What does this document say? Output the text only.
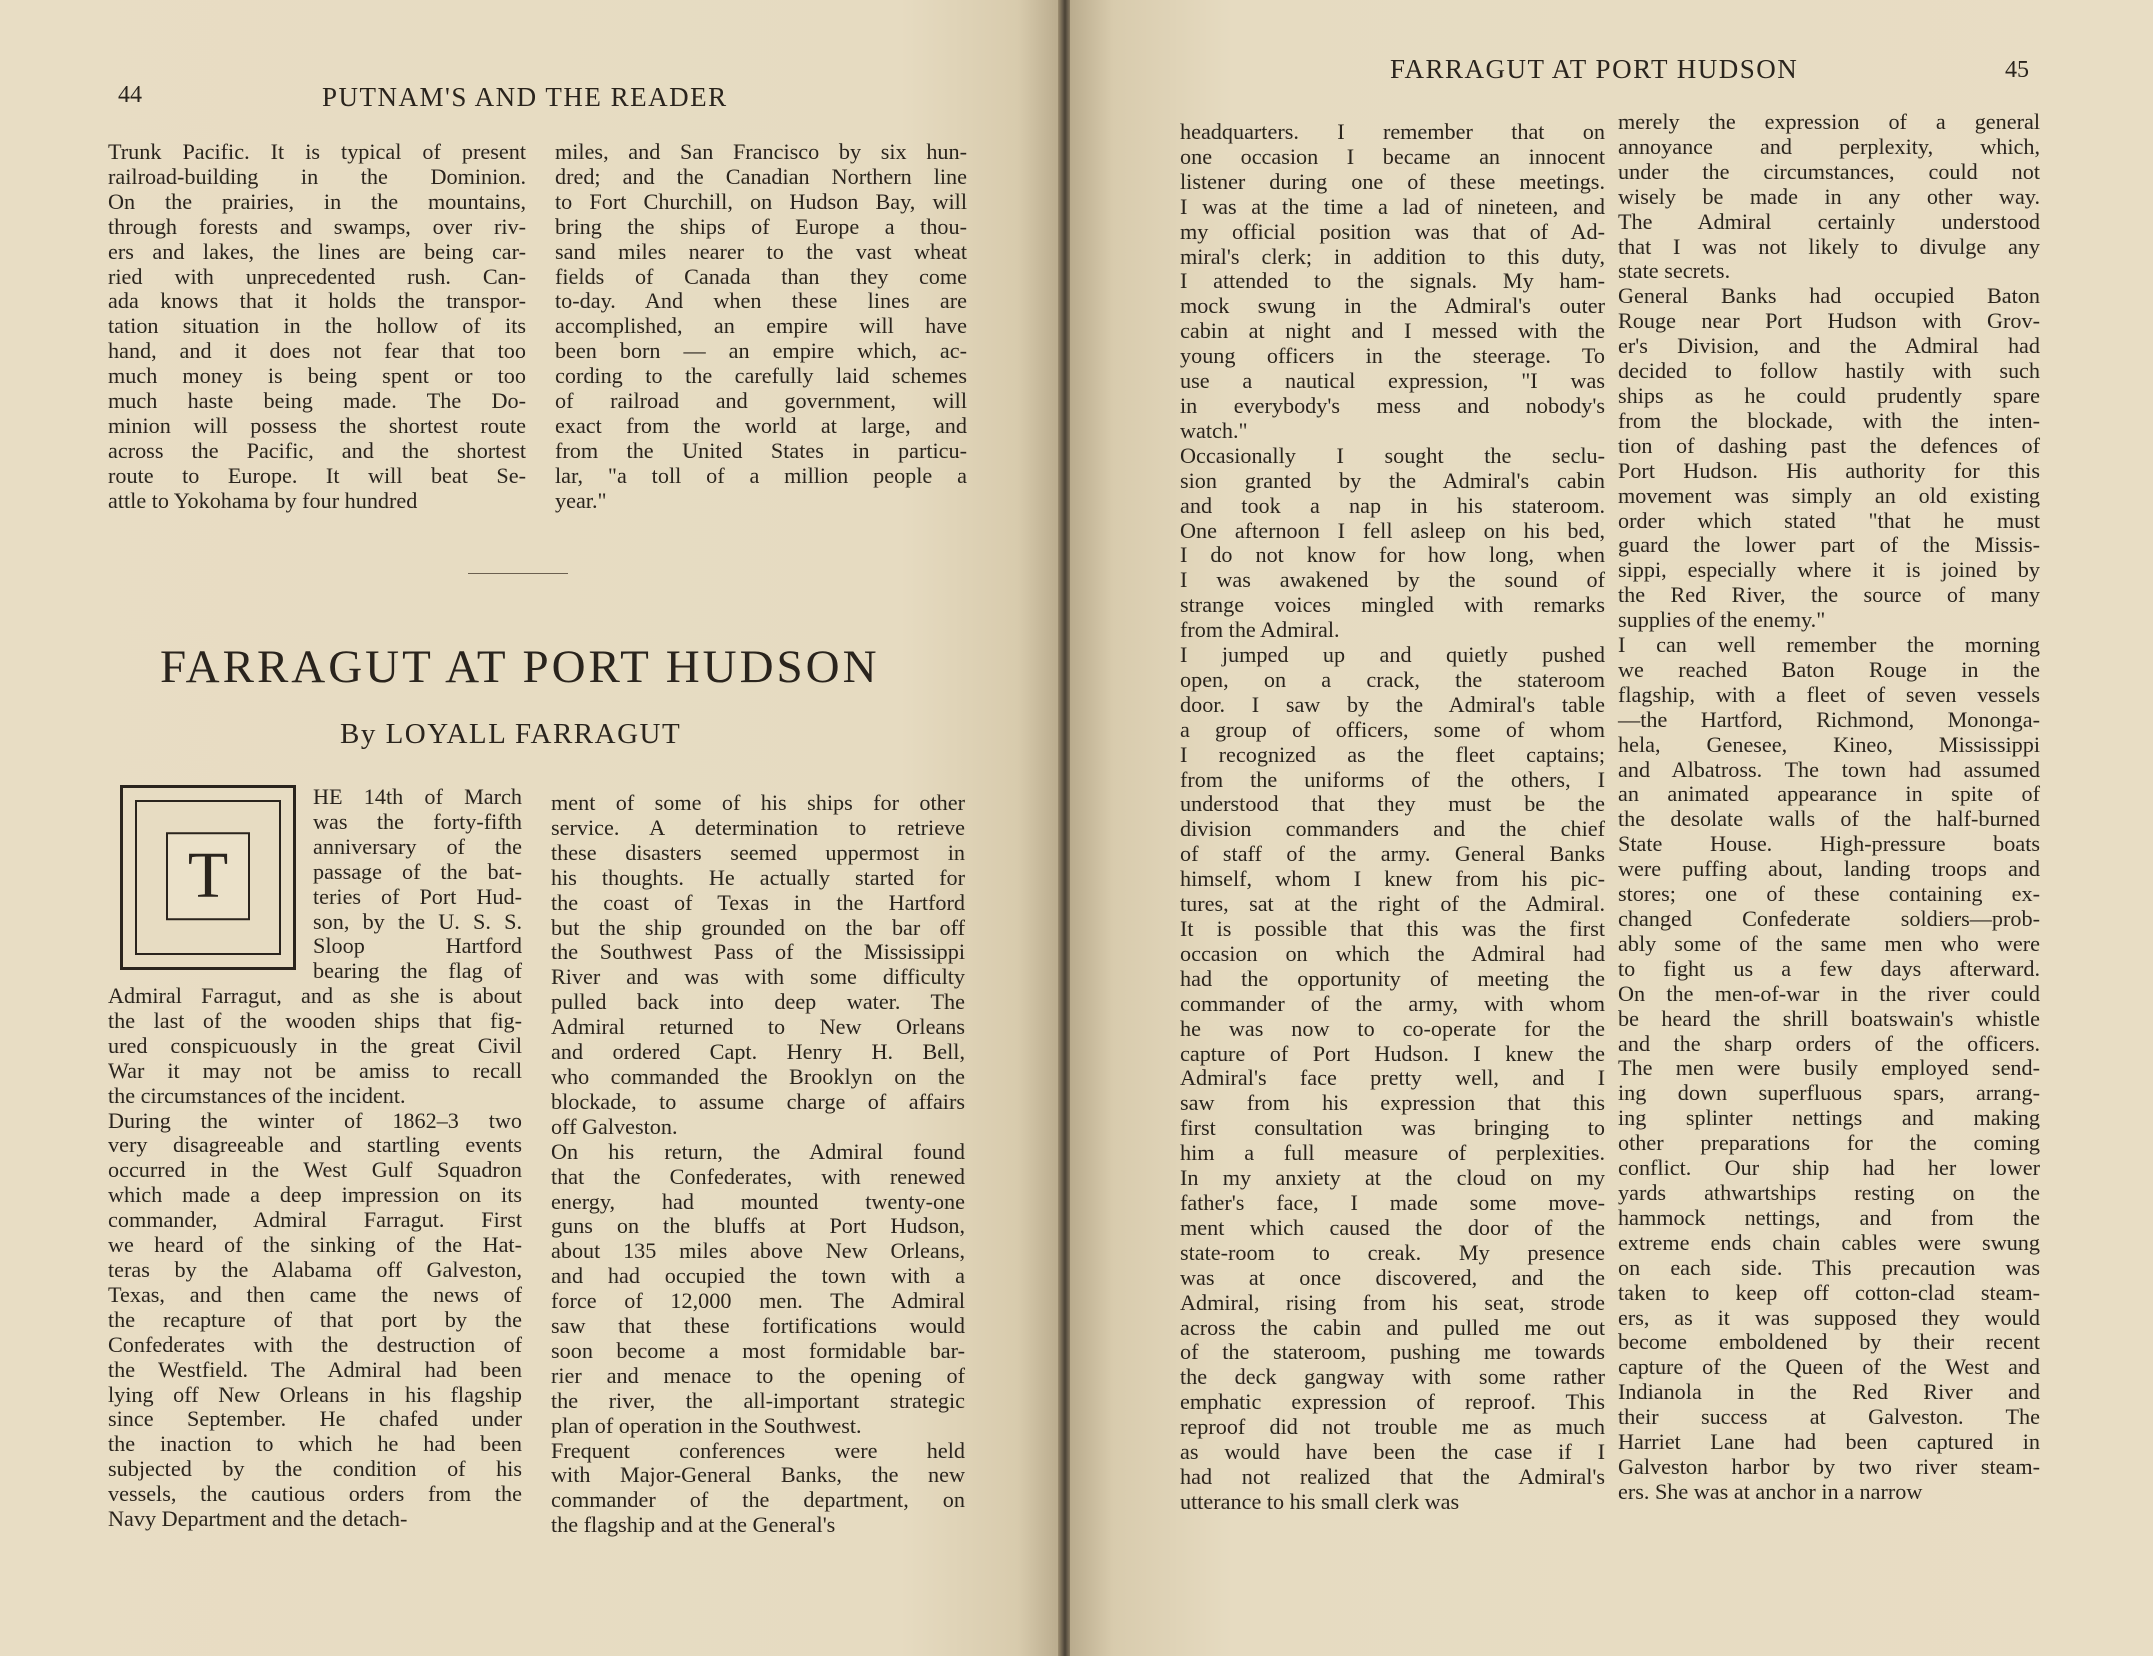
44	PUTNAM'S AND THE READER

Trunk Pacific. It is typical of present

railroad-building in the Dominion.

On the prairies, in the mountains,

through forests and swamps, over riv-

ers and lakes, the lines are being car-

ried with unprecedented rush. Can-

ada knows that it holds the transpor-

tation situation in the hollow of its

hand, and it does not fear that too

much money is being spent or too

much haste being made. The Do-

minion will possess the shortest route

across the Pacific, and the shortest

route to Europe. It will beat Se-

attle to Yokohama by four hundred

miles, and San Francisco by six hun-

dred; and the Canadian Northern line

to Fort Churchill, on Hudson Bay, will

bring the ships of Europe a thou-

sand miles nearer to the vast wheat

fields of Canada than they come

to-day. And when these lines are

accomplished, an empire will have

been born — an empire which, ac-

cording to the carefully laid schemes

of railroad and government, will

exact from the world at large, and

from the United States in particu-

lar, "a toll of a million people a

year."

FARRAGUT AT PORT HUDSON
By LOYALL FARRAGUT
T

HE 14th of March

was the forty-fifth

anniversary of the

passage of the bat-

teries of Port Hud-

son, by the U. S. S.

Sloop Hartford

bearing the flag of

Admiral Farragut, and as she is about

the last of the wooden ships that fig-

ured conspicuously in the great Civil

War it may not be amiss to recall

the circumstances of the incident.

During the winter of 1862–3 two

very disagreeable and startling events

occurred in the West Gulf Squadron

which made a deep impression on its

commander, Admiral Farragut. First

we heard of the sinking of the Hat-

teras by the Alabama off Galveston,

Texas, and then came the news of

the recapture of that port by the

Confederates with the destruction of

the Westfield. The Admiral had been

lying off New Orleans in his flagship

since September. He chafed under

the inaction to which he had been

subjected by the condition of his

vessels, the cautious orders from the

Navy Department and the detach-

ment of some of his ships for other

service. A determination to retrieve

these disasters seemed uppermost in

his thoughts. He actually started for

the coast of Texas in the Hartford

but the ship grounded on the bar off

the Southwest Pass of the Mississippi

River and was with some difficulty

pulled back into deep water. The

Admiral returned to New Orleans

and ordered Capt. Henry H. Bell,

who commanded the Brooklyn on the

blockade, to assume charge of affairs

off Galveston.

On his return, the Admiral found

that the Confederates, with renewed

energy, had mounted twenty-one

guns on the bluffs at Port Hudson,

about 135 miles above New Orleans,

and had occupied the town with a

force of 12,000 men. The Admiral

saw that these fortifications would

soon become a most formidable bar-

rier and menace to the opening of

the river, the all-important strategic

plan of operation in the Southwest.

Frequent conferences were held

with Major-General Banks, the new

commander of the department, on

the flagship and at the General's

FARRAGUT AT PORT HUDSON	45

headquarters. I remember that on

one occasion I became an innocent

listener during one of these meetings.

I was at the time a lad of nineteen, and

my official position was that of Ad-

miral's clerk; in addition to this duty,

I attended to the signals. My ham-

mock swung in the Admiral's outer

cabin at night and I messed with the

young officers in the steerage. To

use a nautical expression, "I was

in everybody's mess and nobody's

watch."

Occasionally I sought the seclu-

sion granted by the Admiral's cabin

and took a nap in his stateroom.

One afternoon I fell asleep on his bed,

I do not know for how long, when

I was awakened by the sound of

strange voices mingled with remarks

from the Admiral.

I jumped up and quietly pushed

open, on a crack, the stateroom

door. I saw by the Admiral's table

a group of officers, some of whom

I recognized as the fleet captains;

from the uniforms of the others, I

understood that they must be the

division commanders and the chief

of staff of the army. General Banks

himself, whom I knew from his pic-

tures, sat at the right of the Admiral.

It is possible that this was the first

occasion on which the Admiral had

had the opportunity of meeting the

commander of the army, with whom

he was now to co-operate for the

capture of Port Hudson. I knew the

Admiral's face pretty well, and I

saw from his expression that this

first consultation was bringing to

him a full measure of perplexities.

In my anxiety at the cloud on my

father's face, I made some move-

ment which caused the door of the

state-room to creak. My presence

was at once discovered, and the

Admiral, rising from his seat, strode

across the cabin and pulled me out

of the stateroom, pushing me towards

the deck gangway with some rather

emphatic expression of reproof. This

reproof did not trouble me as much

as would have been the case if I

had not realized that the Admiral's

utterance to his small clerk was

merely the expression of a general

annoyance and perplexity, which,

under the circumstances, could not

wisely be made in any other way.

The Admiral certainly understood

that I was not likely to divulge any

state secrets.

General Banks had occupied Baton

Rouge near Port Hudson with Grov-

er's Division, and the Admiral had

decided to follow hastily with such

ships as he could prudently spare

from the blockade, with the inten-

tion of dashing past the defences of

Port Hudson. His authority for this

movement was simply an old existing

order which stated "that he must

guard the lower part of the Missis-

sippi, especially where it is joined by

the Red River, the source of many

supplies of the enemy."

I can well remember the morning

we reached Baton Rouge in the

flagship, with a fleet of seven vessels

—the Hartford, Richmond, Mononga-

hela, Genesee, Kineo, Mississippi

and Albatross. The town had assumed

an animated appearance in spite of

the desolate walls of the half-burned

State House. High-pressure boats

were puffing about, landing troops and

stores; one of these containing ex-

changed Confederate soldiers—prob-

ably some of the same men who were

to fight us a few days afterward.

On the men-of-war in the river could

be heard the shrill boatswain's whistle

and the sharp orders of the officers.

The men were busily employed send-

ing down superfluous spars, arrang-

ing splinter nettings and making

other preparations for the coming

conflict. Our ship had her lower

yards athwartships resting on the

hammock nettings, and from the

extreme ends chain cables were swung

on each side. This precaution was

taken to keep off cotton-clad steam-

ers, as it was supposed they would

become emboldened by their recent

capture of the Queen of the West and

Indianola in the Red River and

their success at Galveston. The

Harriet Lane had been captured in

Galveston harbor by two river steam-

ers. She was at anchor in a narrow
